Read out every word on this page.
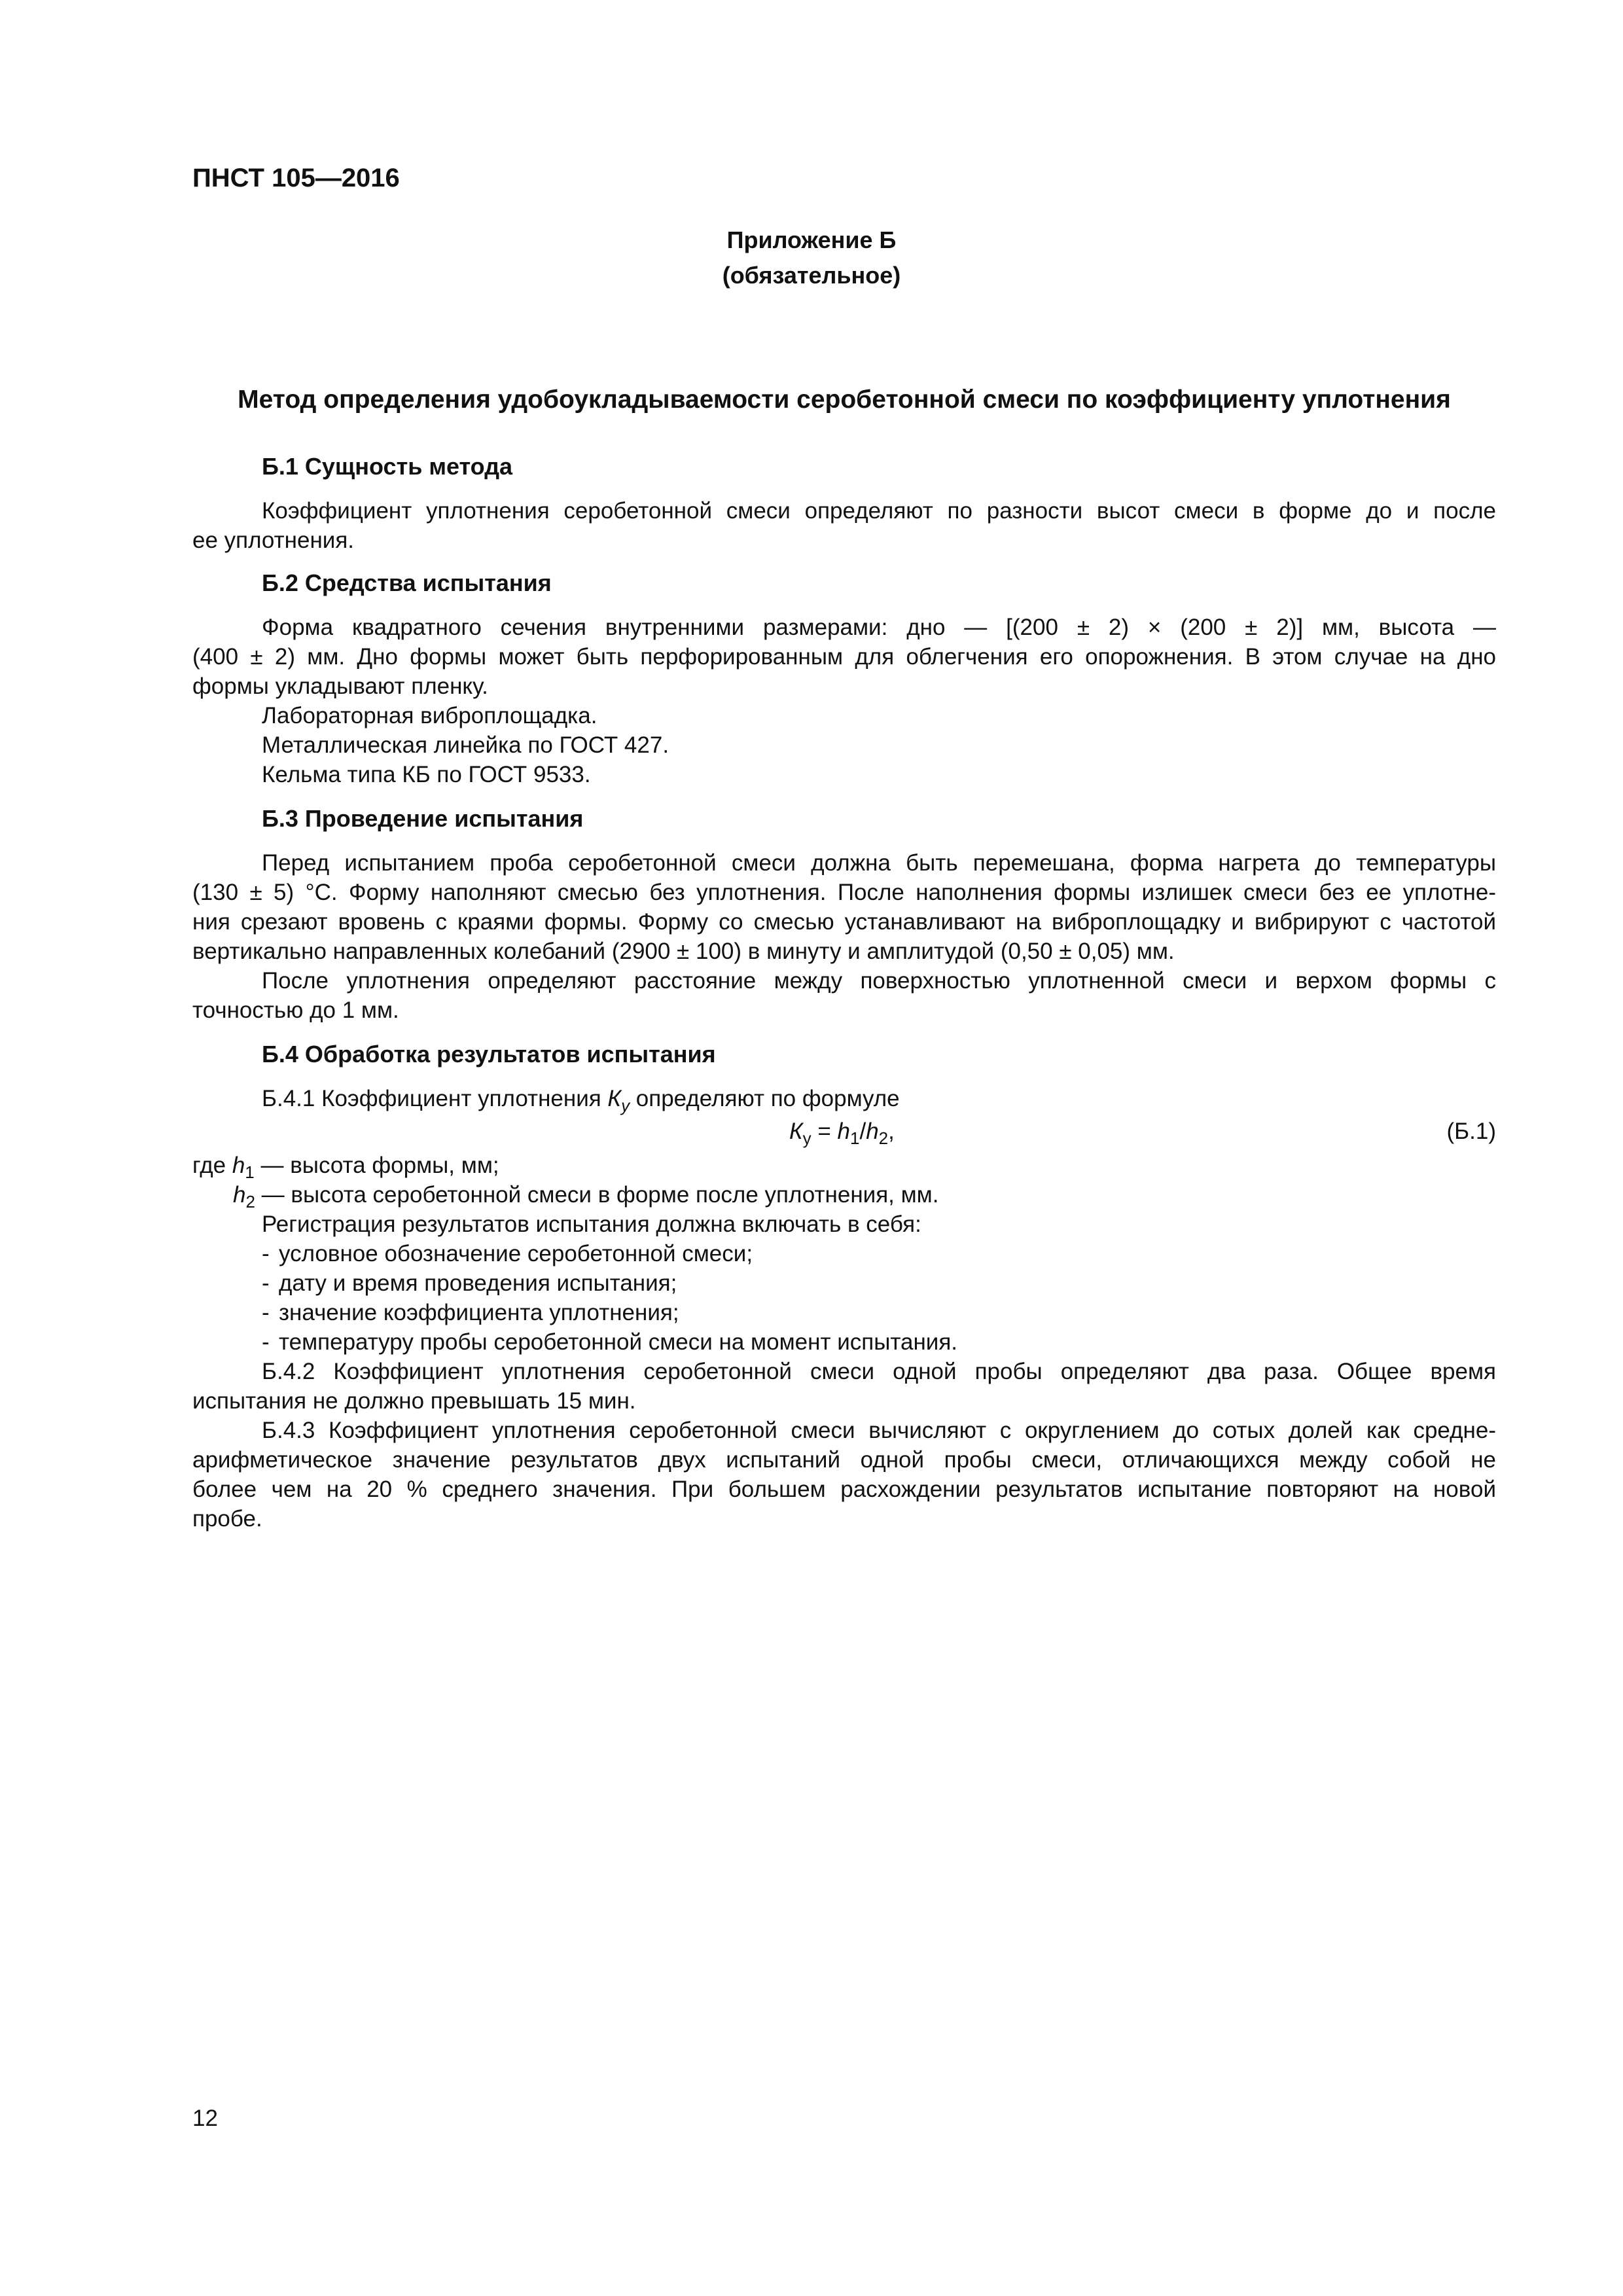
ПНСТ 105—2016
Приложение Б
(обязательное)
Метод определения удобоукладываемости серобетонной смеси по коэффициенту уплотнения
Б.1 Сущность метода
Коэффициент уплотнения серобетонной смеси определяют по разности высот смеси в форме до и после
ее уплотнения.
Б.2 Средства испытания
Форма квадратного сечения внутренними размерами: дно — [(200 ± 2) × (200 ± 2)] мм, высота —
(400 ± 2) мм. Дно формы может быть перфорированным для облегчения его опорожнения. В этом случае на дно
формы укладывают пленку.
Лабораторная виброплощадка.
Металлическая линейка по ГОСТ 427.
Кельма типа КБ по ГОСТ 9533.
Б.3 Проведение испытания
Перед испытанием проба серобетонной смеси должна быть перемешана, форма нагрета до температуры
(130 ± 5) °С. Форму наполняют смесью без уплотнения. После наполнения формы излишек смеси без ее уплотне-
ния срезают вровень с краями формы. Форму со смесью устанавливают на виброплощадку и вибрируют с частотой
вертикально направленных колебаний (2900 ± 100) в минуту и амплитудой (0,50 ± 0,05) мм.
После уплотнения определяют расстояние между поверхностью уплотненной смеси и верхом формы с
точностью до 1 мм.
Б.4 Обработка результатов испытания
Б.4.1 Коэффициент уплотнения $К_у$ определяют по формуле
$К_у = h_1/h_2$,	(Б.1)
где $h_1$ — высота формы, мм;
$h_2$ — высота серобетонной смеси в форме после уплотнения, мм.
Регистрация результатов испытания должна включать в себя:
- условное обозначение серобетонной смеси;
- дату и время проведения испытания;
- значение коэффициента уплотнения;
- температуру пробы серобетонной смеси на момент испытания.
Б.4.2 Коэффициент уплотнения серобетонной смеси одной пробы определяют два раза. Общее время
испытания не должно превышать 15 мин.
Б.4.3 Коэффициент уплотнения серобетонной смеси вычисляют с округлением до сотых долей как средне-
арифметическое значение результатов двух испытаний одной пробы смеси, отличающихся между собой не
более чем на 20 % среднего значения. При большем расхождении результатов испытание повторяют на новой
пробе.
12
